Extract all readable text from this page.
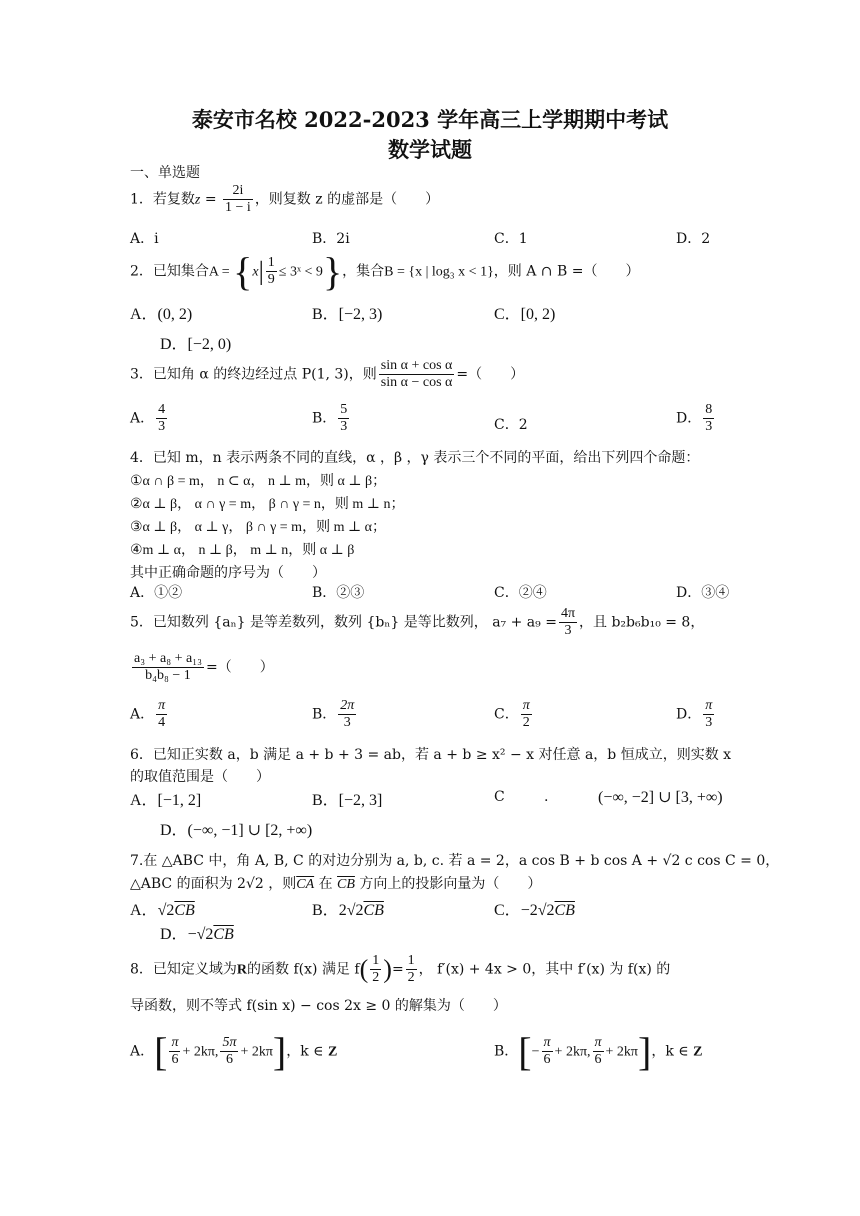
泰安市名校 2022-2023 学年高三上学期期中考试
数学试题
一、单选题
1．若复数$z = \frac{2i}{1 - i}$ ，则复数 z 的虚部是（　　）
A．i	B．2i	C．1	D．2
2．已知集合$A = \{x| \frac{1}{9}$ ≤ 3ˣ < 9}，集合B = {x | log₃ x < 1}，则 A ∩ B =（　　）
A．(0, 2)	B．[−2, 3)	C．[0, 2)
D．[−2, 0)
3．已知角 α 的终边经过点 P(1, 3)，则 $\frac{\text{sin α + cos α}}{\text{sin α − cos α}}$ =（　　）
A． $\frac{4}{3}$	B． $\frac{5}{3}$	C．2	D． $\frac{8}{3}$
4．已知 m，n 表示两条不同的直线，α ，β ，γ 表示三个不同的平面，给出下列四个命题：
①α ∩ β = m， n ⊂ α， n ⊥ m，则 α ⊥ β；
②α ⊥ β， α ∩ γ = m， β ∩ γ = n，则 m ⊥ n；
③α ⊥ β， α ⊥ γ， β ∩ γ = m，则 m ⊥ α；
④m ⊥ α， n ⊥ β， m ⊥ n，则 α ⊥ β
其中正确命题的序号为（　　）
A．①②	B．②③	C．②④	D．③④
5．已知数列 {aₙ} 是等差数列，数列 {bₙ} 是等比数列， $a_7 + a_9 = \frac{4\pi}{3}$ ，且 b₂b₆b₁₀ = 8，
$\frac{\text{a₃ + a₈ + a₁₃}}{\text{b₄b₈ − 1}}$ =（　　）
A． $\frac{\pi}{4}$	B． $\frac{2\pi}{3}$	C． $\frac{\pi}{2}$	D． $\frac{\pi}{3}$
6．已知正实数 a，b 满足 a + b + 3 = ab，若 a + b ≥ x² − x 对任意 a，b 恒成立，则实数 x
的取值范围是（　　）
A．[−1, 2]	B．[−2, 3]	C	.	(−∞, −2] ∪ [3, +∞)
D．(−∞, −1] ∪ [2, +∞)
7.在 △ABC 中，角 A, B, C 的对边分别为 a, b, c. 若 a = 2，a cos B + b cos A + √2 c cos C = 0，
△ABC 的面积为 2√2 ，则$\overline{CA}$ 在 $\overline{CB}$ 方向上的投影向量为（　　）
A．$√2\overline{CB}$	B．$2√2\overline{CB}$	C．$-2√2\overline{CB}$
D．$-√2\overline{CB}$
8．已知定义域为R的函数 f(x) 满足 $f( \frac{1}{2}$ )= $\frac{1}{2}$ ， f′(x) + 4x > 0，其中 f′(x) 为 f(x) 的
导函数，则不等式 f(sin x) − cos 2x ≥ 0 的解集为（　　）
A．[ $\frac{\pi}{6} + 2k\pi$, $\frac{5\pi}{6} + 2k\pi$]，k ∈ Z	B．[− $\frac{\pi}{6} + 2k\pi$, $\frac{\pi}{6} + 2k\pi$]，k ∈ Z
